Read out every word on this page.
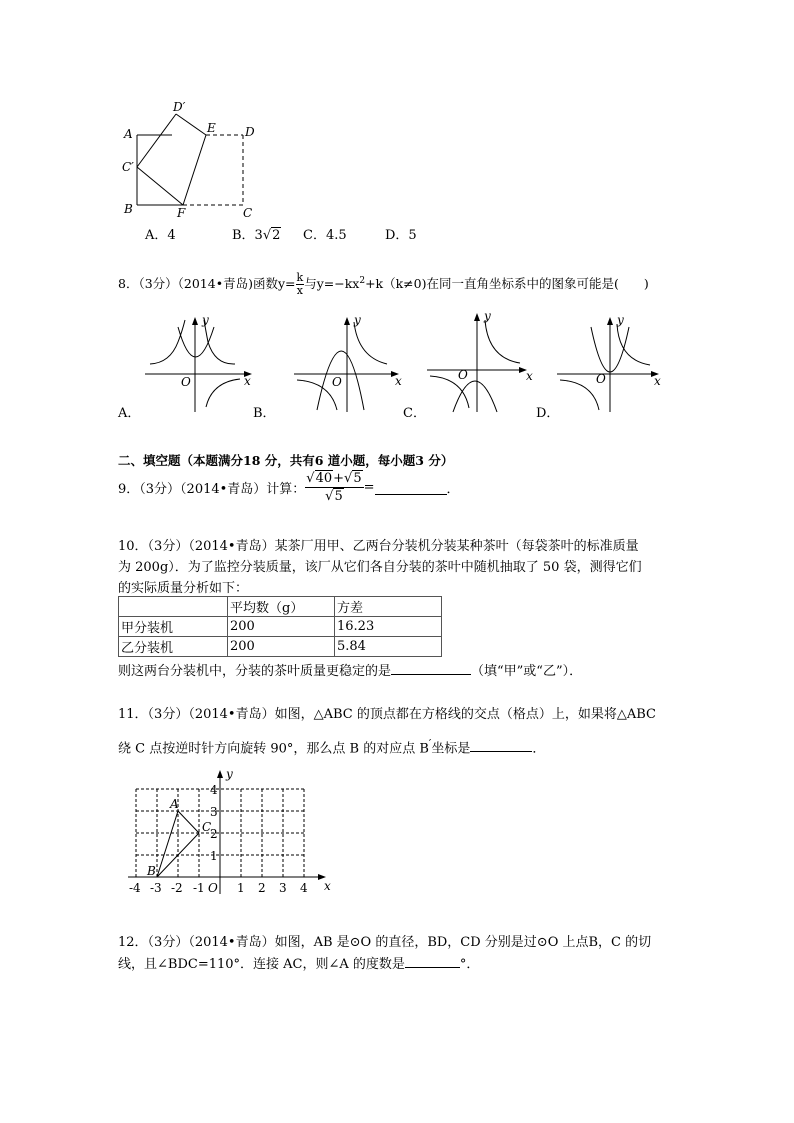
A
B
C′
D′
E
F
D
C
A．4	B．3√2 C．4.5	D．5
8．（3分）（2014•青岛)函数$y= \frac{k}{x}$ 与$y=-kx^2+k(k\ne 0)$在同一直角坐标系中的图象可能是(　　)
y
x
O
A．
y
x
O
B．
y
x
O
C．
y
x
O
D．
二、填空题（本题满分18 分，共有6 道小题，每小题3 分）
9．（3分）（2014•青岛）计算： $\frac{√40+√5}{√5}$ =	．
10．（3分）（2014•青岛）某茶厂用甲、乙两台分装机分装某种茶叶（每袋茶叶的标准质量
为 200g）．为了监控分装质量，该厂从它们各自分装的茶叶中随机抽取了 50 袋，测得它们
的实际质量分析如下：
	平均数（g）	方差
甲分装机	200	16.23
乙分装机	200	5.84
则这两台分装机中，分装的茶叶质量更稳定的是	（填“甲”或“乙”）．
11．（3分）（2014•青岛）如图，△ABC 的顶点都在方格线的交点（格点）上，如果将△ABC
绕 C 点按逆时针方向旋转 90°，那么点 B 的对应点 B′坐标是	．
-4 -3 -2 -1	1 2 3 4
1
2
3
4
O	x
y
A
B
C
12．（3分）（2014•青岛）如图，AB 是⊙O 的直径，BD，CD 分别是过⊙O 上点B，C 的切
线，且∠BDC=110°．连接 AC，则∠A 的度数是	°．
